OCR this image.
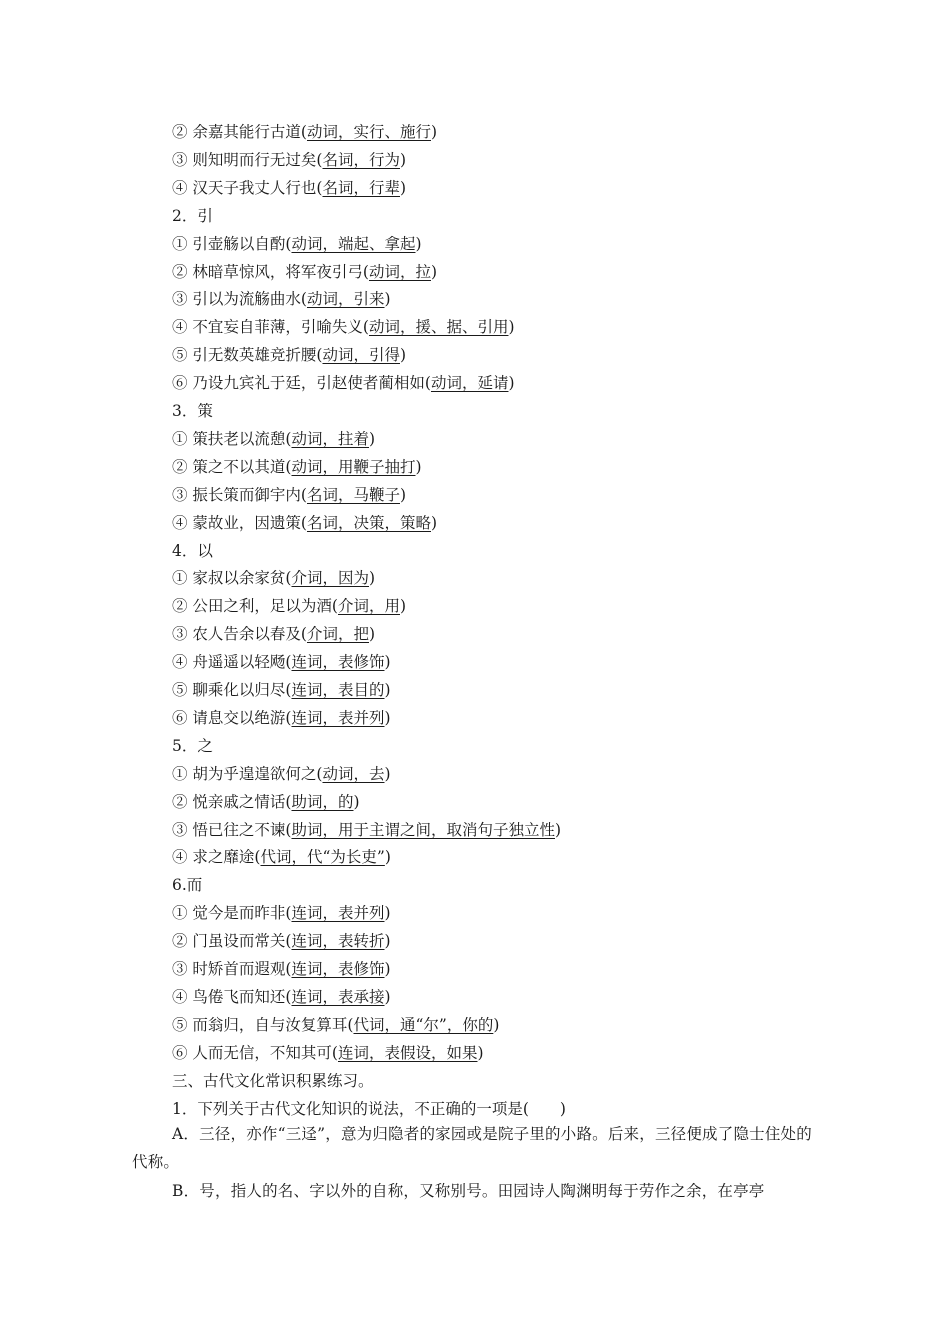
② 余嘉其能行古道(动词，实行、施行)
③ 则知明而行无过矣(名词，行为)
④ 汉天子我丈人行也(名词，行辈)
2．引
① 引壶觞以自酌(动词，端起、拿起)
② 林暗草惊风，将军夜引弓(动词，拉)
③ 引以为流觞曲水(动词，引来)
④ 不宜妄自菲薄，引喻失义(动词，援、据、引用)
⑤ 引无数英雄竞折腰(动词，引得)
⑥ 乃设九宾礼于廷，引赵使者蔺相如(动词，延请)
3．策
① 策扶老以流憩(动词，拄着)
② 策之不以其道(动词，用鞭子抽打)
③ 振长策而御宇内(名词，马鞭子)
④ 蒙故业，因遗策(名词，决策，策略)
4．以
① 家叔以余家贫(介词，因为)
② 公田之利，足以为酒(介词，用)
③ 农人告余以春及(介词，把)
④ 舟遥遥以轻飏(连词，表修饰)
⑤ 聊乘化以归尽(连词，表目的)
⑥ 请息交以绝游(连词，表并列)
5．之
① 胡为乎遑遑欲何之(动词，去)
② 悦亲戚之情话(助词，的)
③ 悟已往之不谏(助词，用于主谓之间，取消句子独立性)
④ 求之靡途(代词，代“为长吏”)
6.而
① 觉今是而昨非(连词，表并列)
② 门虽设而常关(连词，表转折)
③ 时矫首而遐观(连词，表修饰)
④ 鸟倦飞而知还(连词，表承接)
⑤ 而翁归，自与汝复算耳(代词，通“尔”，你的)
⑥ 人而无信，不知其可(连词，表假设，如果)
三、古代文化常识积累练习。
1．下列关于古代文化知识的说法，不正确的一项是(　　)
A．三径，亦作“三迳”，意为归隐者的家园或是院子里的小路。后来，三径便成了隐士住处的代称。
B．号，指人的名、字以外的自称，又称别号。田园诗人陶渊明每于劳作之余，在亭亭
